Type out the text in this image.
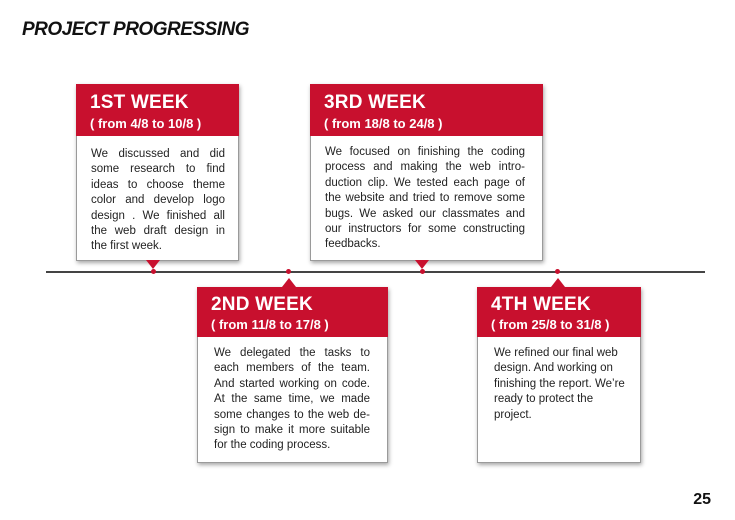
PROJECT PROGRESSING
1ST WEEK
( from 4/8 to 10/8 )
We discussed and did some research to find ideas to choose theme color and develop logo design . We finished all the web draft design in the first week.
3RD WEEK
( from 18/8 to 24/8 )
We focused on finishing the coding process and making the web intro-duction clip. We tested each page of the website and tried to remove some bugs. We asked our classmates and our instructors for some constructing feedbacks.
2ND WEEK
( from 11/8 to 17/8 )
We delegated the tasks to each members of the team. And started working on code. At the same time, we made some changes to the web de-sign to make it more suitable for the coding process.
4TH WEEK
( from 25/8 to 31/8 )
We refined our final web design. And working on finishing the report. We’re ready to protect the project.
25
